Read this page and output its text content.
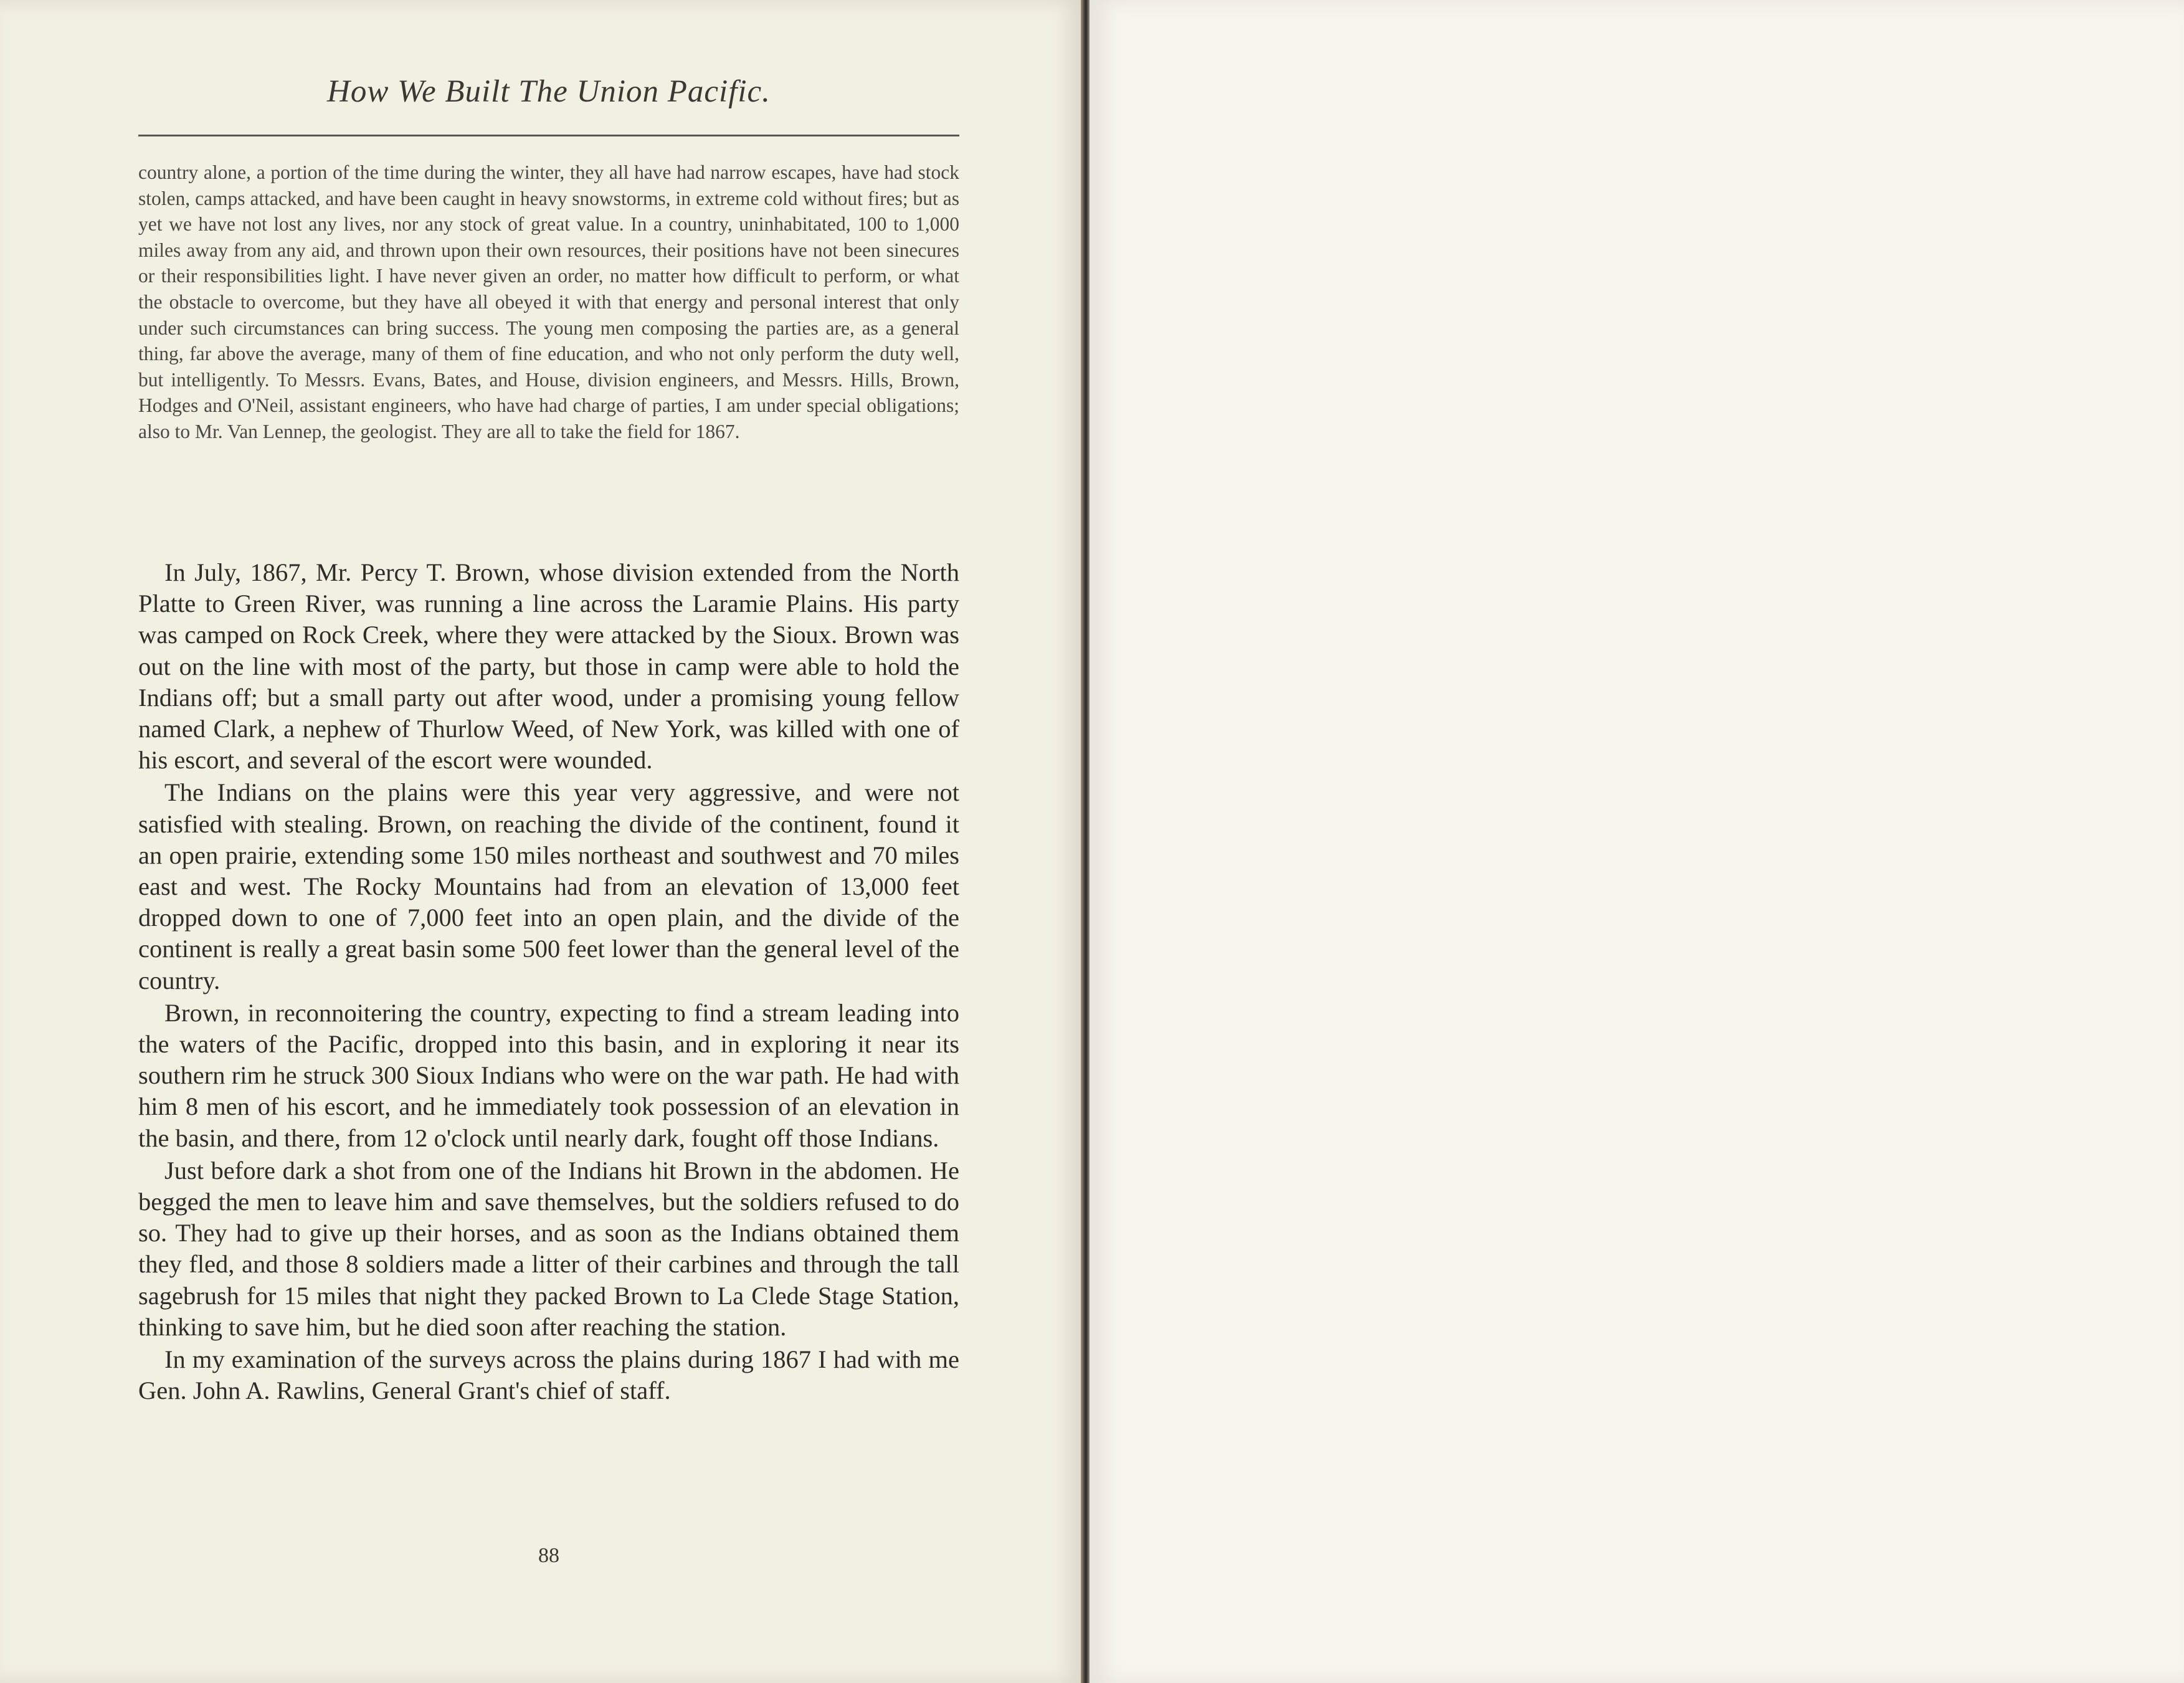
How We Built The Union Pacific.
country alone, a portion of the time during the winter, they all have had narrow escapes, have had stock stolen, camps attacked, and have been caught in heavy snowstorms, in extreme cold without fires; but as yet we have not lost any lives, nor any stock of great value. In a country, uninhabitated, 100 to 1,000 miles away from any aid, and thrown upon their own resources, their positions have not been sinecures or their responsibilities light. I have never given an order, no matter how difficult to perform, or what the obstacle to overcome, but they have all obeyed it with that energy and personal interest that only under such circumstances can bring success. The young men composing the parties are, as a general thing, far above the average, many of them of fine education, and who not only perform the duty well, but intelligently. To Messrs. Evans, Bates, and House, division engineers, and Messrs. Hills, Brown, Hodges and O'Neil, assistant engineers, who have had charge of parties, I am under special obligations; also to Mr. Van Lennep, the geologist. They are all to take the field for 1867.

In July, 1867, Mr. Percy T. Brown, whose division extended from the North Platte to Green River, was running a line across the Laramie Plains. His party was camped on Rock Creek, where they were attacked by the Sioux. Brown was out on the line with most of the party, but those in camp were able to hold the Indians off; but a small party out after wood, under a promising young fellow named Clark, a nephew of Thurlow Weed, of New York, was killed with one of his escort, and several of the escort were wounded.

The Indians on the plains were this year very aggressive, and were not satisfied with stealing. Brown, on reaching the divide of the continent, found it an open prairie, extending some 150 miles northeast and southwest and 70 miles east and west. The Rocky Mountains had from an elevation of 13,000 feet dropped down to one of 7,000 feet into an open plain, and the divide of the continent is really a great basin some 500 feet lower than the general level of the country.

Brown, in reconnoitering the country, expecting to find a stream leading into the waters of the Pacific, dropped into this basin, and in exploring it near its southern rim he struck 300 Sioux Indians who were on the war path. He had with him 8 men of his escort, and he immediately took possession of an elevation in the basin, and there, from 12 o'clock until nearly dark, fought off those Indians.

Just before dark a shot from one of the Indians hit Brown in the abdomen. He begged the men to leave him and save themselves, but the soldiers refused to do so. They had to give up their horses, and as soon as the Indians obtained them they fled, and those 8 soldiers made a litter of their carbines and through the tall sagebrush for 15 miles that night they packed Brown to La Clede Stage Station, thinking to save him, but he died soon after reaching the station.

In my examination of the surveys across the plains during 1867 I had with me Gen. John A. Rawlins, General Grant's chief of staff.

88
